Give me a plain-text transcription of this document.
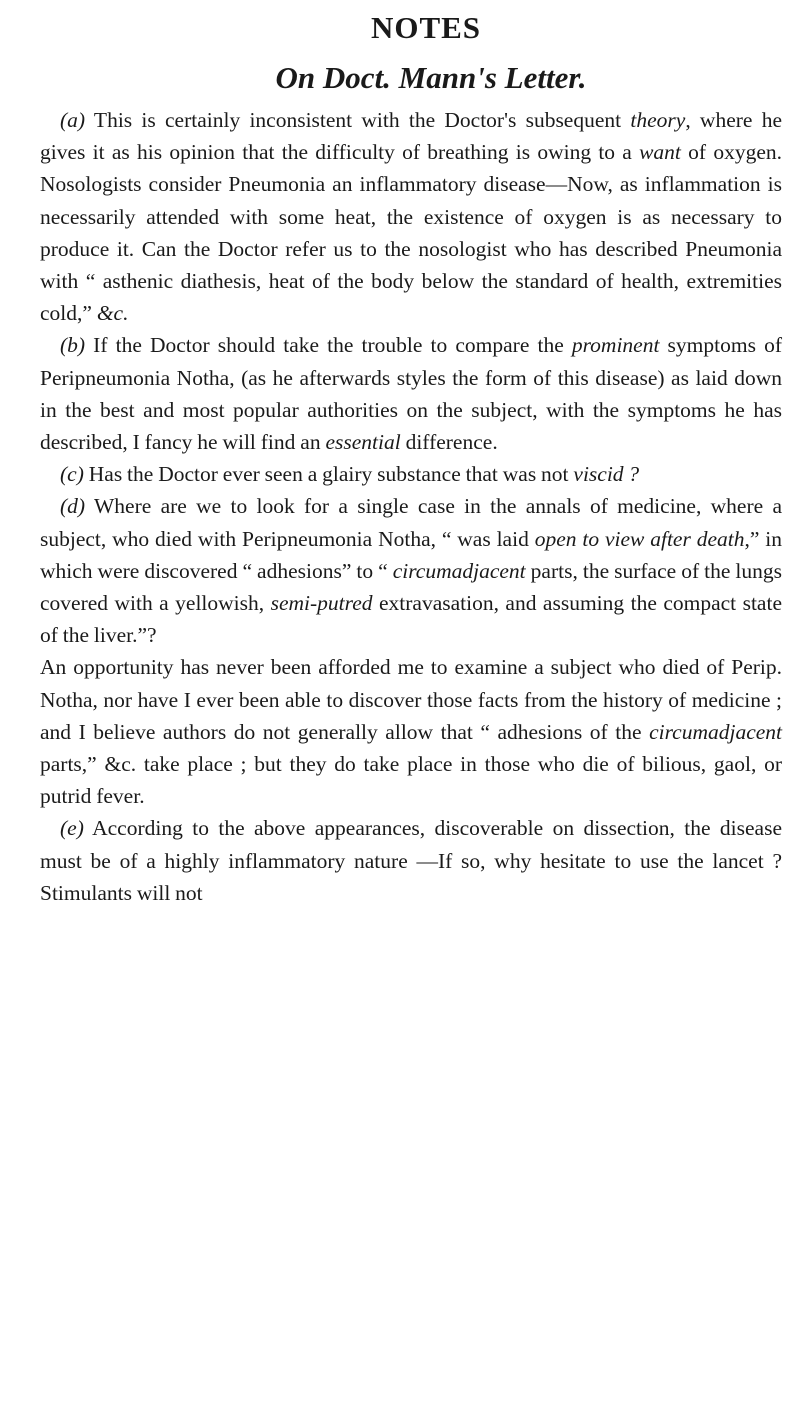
NOTES
On Doct. Mann's Letter.

(a) This is certainly inconsistent with the Doctor's subsequent theory, where he gives it as his opinion that the difficulty of breathing is owing to a want of oxygen. Nosologists consider Pneumonia an inflammatory disease—Now, as inflammation is necessarily attended with some heat, the existence of oxygen is as necessary to produce it. Can the Doctor refer us to the nosologist who has described Pneumonia with “ asthenic diathesis, heat of the body below the standard of health, extremities cold,” &c.

(b) If the Doctor should take the trouble to compare the prominent symptoms of Peripneumonia Notha, (as he afterwards styles the form of this disease) as laid down in the best and most popular authorities on the subject, with the symptoms he has described, I fancy he will find an essential difference.

(c) Has the Doctor ever seen a glairy substance that was not viscid ?

(d) Where are we to look for a single case in the annals of medicine, where a subject, who died with Peripneumonia Notha, “ was laid open to view after death,” in which were discovered “ adhesions” to “ circumadjacent parts, the surface of the lungs covered with a yellowish, semi-putred extravasation, and assuming the compact state of the liver.”?

An opportunity has never been afforded me to examine a subject who died of Perip. Notha, nor have I ever been able to discover those facts from the history of medicine ; and I believe authors do not generally allow that “ adhesions of the circumadjacent parts,” &c. take place ; but they do take place in those who die of bilious, gaol, or putrid fever.

(e) According to the above appearances, discoverable on dissection, the disease must be of a highly inflammatory nature —If so, why hesitate to use the lancet ? Stimulants will not
